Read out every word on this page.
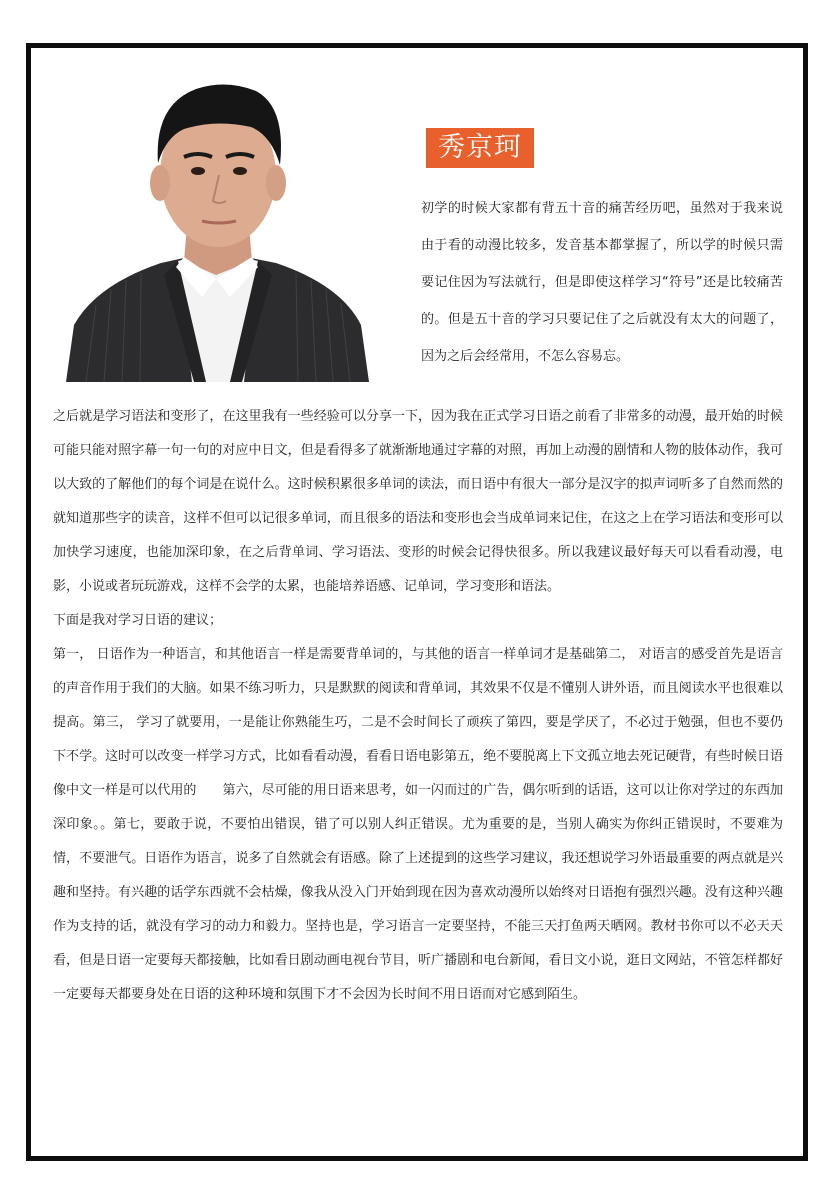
秀京珂

初学的时候大家都有背五十音的痛苦经历吧，虽然对于我来说由于看的动漫比较多，发音基本都掌握了，所以学的时候只需要记住因为写法就行，但是即使这样学习“符号”还是比较痛苦的。但是五十音的学习只要记住了之后就没有太大的问题了，因为之后会经常用，不怎么容易忘。

之后就是学习语法和变形了，在这里我有一些经验可以分享一下，因为我在正式学习日语之前看了非常多的动漫，最开始的时候可能只能对照字幕一句一句的对应中日文，但是看得多了就渐渐地通过字幕的对照，再加上动漫的剧情和人物的肢体动作，我可以大致的了解他们的每个词是在说什么。这时候积累很多单词的读法，而日语中有很大一部分是汉字的拟声词听多了自然而然的就知道那些字的读音，这样不但可以记很多单词，而且很多的语法和变形也会当成单词来记住，在这之上在学习语法和变形可以加快学习速度，也能加深印象，在之后背单词、学习语法、变形的时候会记得快很多。所以我建议最好每天可以看看动漫，电影，小说或者玩玩游戏，这样不会学的太累，也能培养语感、记单词，学习变形和语法。

下面是我对学习日语的建议；

第一， 日语作为一种语言，和其他语言一样是需要背单词的，与其他的语言一样单词才是基础第二， 对语言的感受首先是语言的声音作用于我们的大脑。如果不练习听力，只是默默的阅读和背单词，其效果不仅是不懂别人讲外语，而且阅读水平也很难以提高。第三， 学习了就要用，一是能让你熟能生巧，二是不会时间长了顽疾了第四，要是学厌了，不必过于勉强，但也不要仍下不学。这时可以改变一样学习方式，比如看看动漫，看看日语电影第五，绝不要脱离上下文孤立地去死记硬背，有些时候日语像中文一样是可以代用的　　第六，尽可能的用日语来思考，如一闪而过的广告，偶尔听到的话语，这可以让你对学过的东西加深印象。。第七，要敢于说，不要怕出错误，错了可以别人纠正错误。尤为重要的是，当别人确实为你纠正错误时，不要难为情，不要泄气。日语作为语言，说多了自然就会有语感。除了上述提到的这些学习建议，我还想说学习外语最重要的两点就是兴趣和坚持。有兴趣的话学东西就不会枯燥，像我从没入门开始到现在因为喜欢动漫所以始终对日语抱有强烈兴趣。没有这种兴趣作为支持的话，就没有学习的动力和毅力。坚持也是，学习语言一定要坚持，不能三天打鱼两天晒网。教材书你可以不必天天看，但是日语一定要每天都接触，比如看日剧动画电视台节目，听广播剧和电台新闻，看日文小说，逛日文网站，不管怎样都好一定要每天都要身处在日语的这种环境和氛围下才不会因为长时间不用日语而对它感到陌生。
